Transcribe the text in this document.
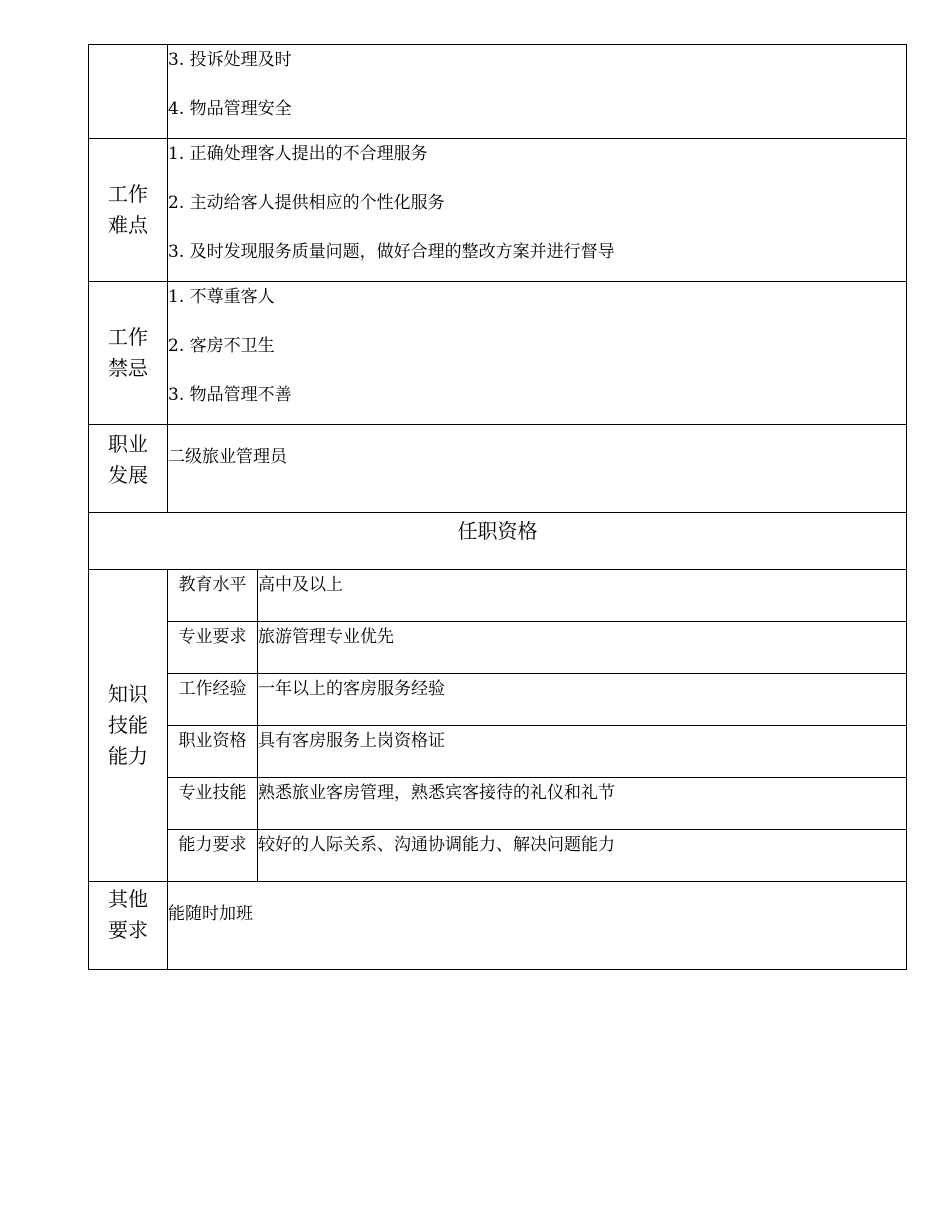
3. 投诉处理及时
4. 物品管理安全

工作
难点

1. 正确处理客人提出的不合理服务
2. 主动给客人提供相应的个性化服务
3. 及时发现服务质量问题，做好合理的整改方案并进行督导

工作
禁忌

1. 不尊重客人
2. 客房不卫生
3. 物品管理不善

职业
发展

二级旅业管理员

任职资格

知识
技能
能力

教育水平	高中及以上
专业要求	旅游管理专业优先
工作经验	一年以上的客房服务经验
职业资格	具有客房服务上岗资格证
专业技能	熟悉旅业客房管理，熟悉宾客接待的礼仪和礼节
能力要求	较好的人际关系、沟通协调能力、解决问题能力

其他
要求

能随时加班
